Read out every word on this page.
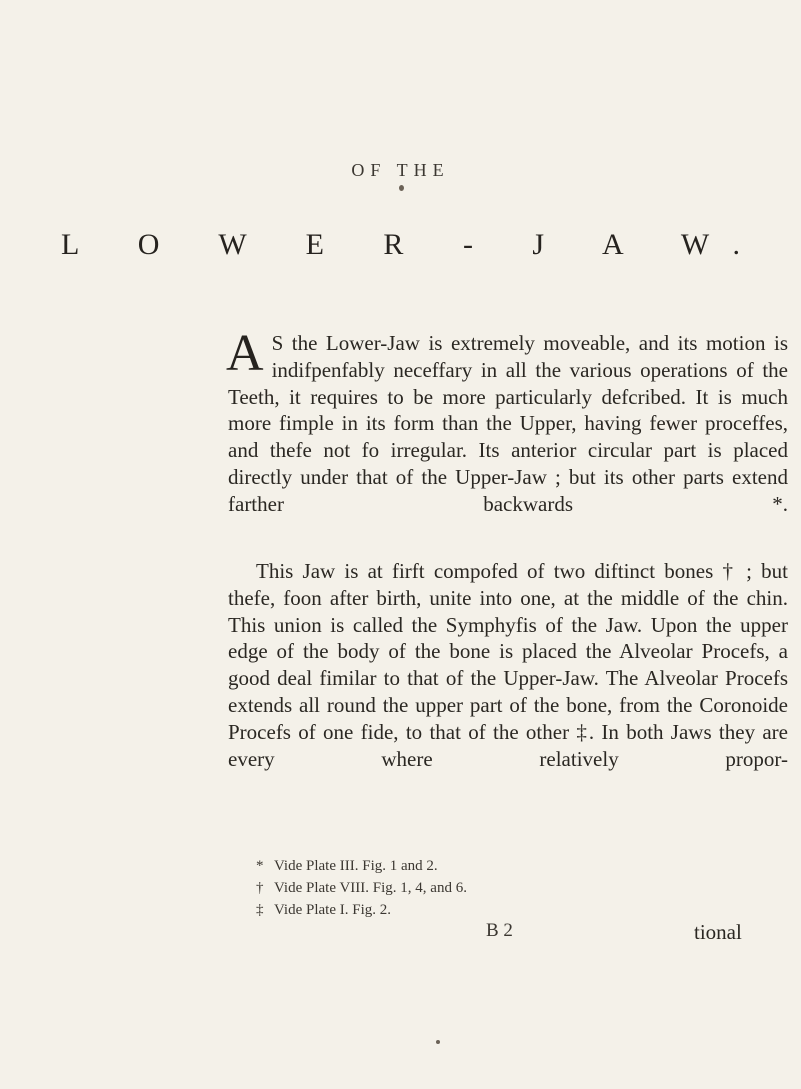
OF THE
L O W E R - J A W.
A S the Lower-Jaw is extremely moveable, and its motion is indifpenfably neceffary in all the various operations of the Teeth, it requires to be more particularly defcribed. It is much more fimple in its form than the Upper, having fewer proceffes, and thefe not fo irregular. Its anterior circular part is placed directly under that of the Upper-Jaw ; but its other parts extend farther backwards *.
This Jaw is at firft compofed of two diftinct bones † ; but thefe, foon after birth, unite into one, at the middle of the chin. This union is called the Symphyfis of the Jaw. Upon the upper edge of the body of the bone is placed the Alveolar Procefs, a good deal fimilar to that of the Upper-Jaw. The Alveolar Procefs extends all round the upper part of the bone, from the Coronoide Procefs of one fide, to that of the other ‡. In both Jaws they are every where relatively propor-
* Vide Plate III. Fig. 1 and 2.
† Vide Plate VIII. Fig. 1, 4, and 6.
‡ Vide Plate I. Fig. 2.
B 2	tional
